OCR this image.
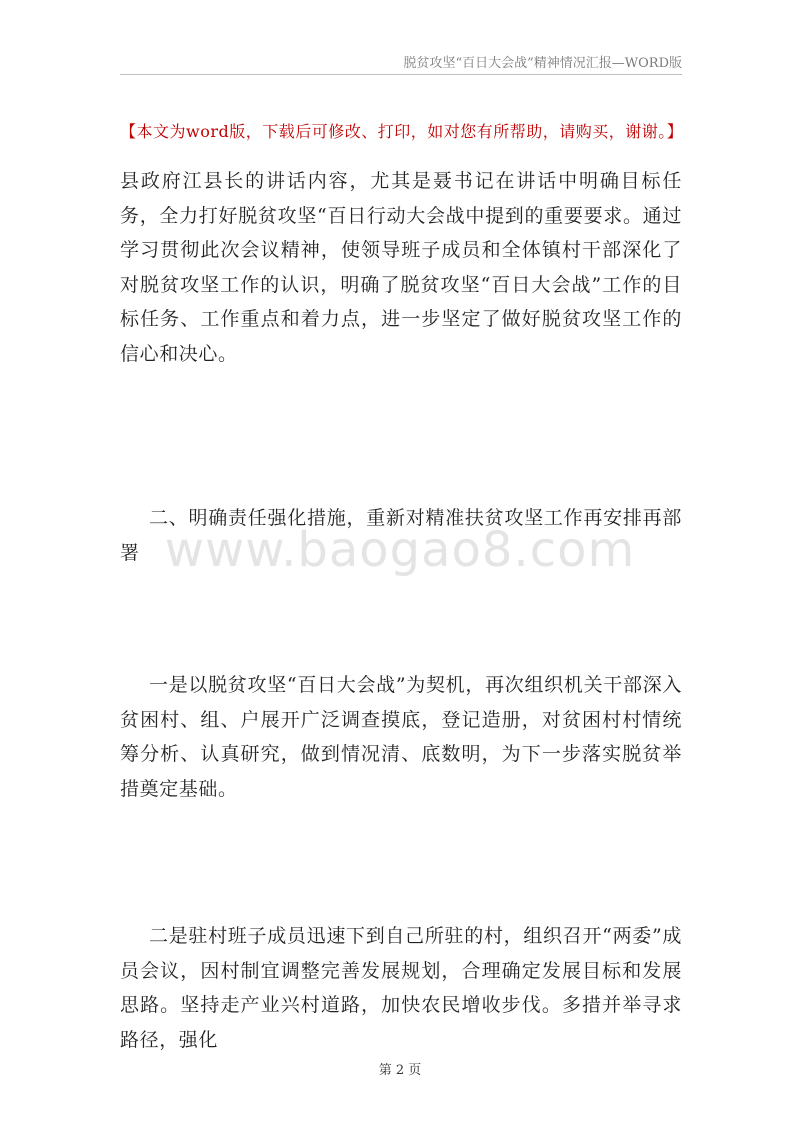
脱贫攻坚“百日大会战”精神情况汇报—WORD版
【本文为word版，下载后可修改、打印，如对您有所帮助，请购买，谢谢。】

县政府江县长的讲话内容，尤其是聂书记在讲话中明确目标任务，全力打好脱贫攻坚“百日行动大会战中提到的重要要求。通过学习贯彻此次会议精神，使领导班子成员和全体镇村干部深化了对脱贫攻坚工作的认识，明确了脱贫攻坚“百日大会战”工作的目标任务、工作重点和着力点，进一步坚定了做好脱贫攻坚工作的信心和决心。

二、明确责任强化措施，重新对精准扶贫攻坚工作再安排再部署 www.baogao8.com

一是以脱贫攻坚“百日大会战”为契机，再次组织机关干部深入贫困村、组、户展开广泛调查摸底，登记造册，对贫困村村情统筹分析、认真研究，做到情况清、底数明，为下一步落实脱贫举措奠定基础。

二是驻村班子成员迅速下到自己所驻的村，组织召开“两委”成员会议，因村制宜调整完善发展规划，合理确定发展目标和发展思路。坚持走产业兴村道路，加快农民增收步伐。多措并举寻求路径，强化

第 2 页
